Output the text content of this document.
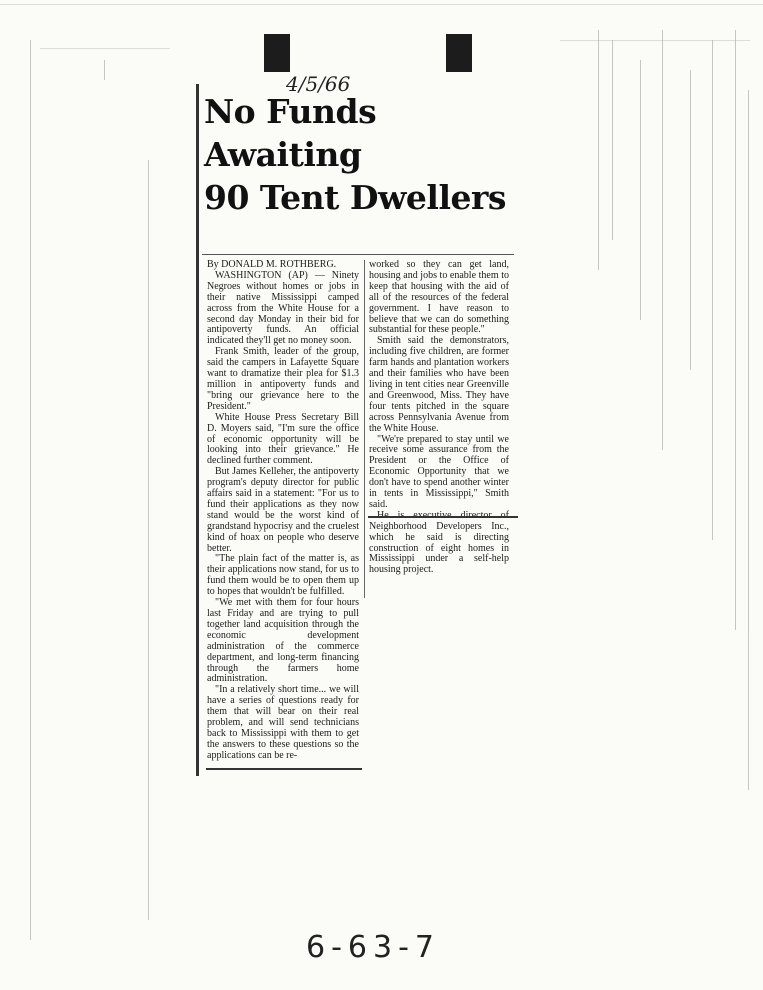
4/5/66
No Funds Awaiting
90 Tent Dwellers

By DONALD M. ROTHBERG.

WASHINGTON (AP) — Ninety Negroes without homes or jobs in their native Mississippi camped across from the White House for a second day Monday in their bid for antipoverty funds. An official indicated they'll get no money soon.

Frank Smith, leader of the group, said the campers in Lafayette Square want to dramatize their plea for $1.3 million in antipoverty funds and "bring our grievance here to the President."

White House Press Secretary Bill D. Moyers said, "I'm sure the office of economic opportunity will be looking into their grievance." He declined further comment.

But James Kelleher, the antipoverty program's deputy director for public affairs said in a statement: "For us to fund their applications as they now stand would be the worst kind of grandstand hypocrisy and the cruelest kind of hoax on people who deserve better.

"The plain fact of the matter is, as their applications now stand, for us to fund them would be to open them up to hopes that wouldn't be fulfilled.

"We met with them for four hours last Friday and are trying to pull together land acquisition through the economic development administration of the commerce department, and long-term financing through the farmers home administration.

"In a relatively short time... we will have a series of questions ready for them that will bear on their real problem, and will send technicians back to Mississippi with them to get the answers to these questions so the applications can be re-

worked so they can get land, housing and jobs to enable them to keep that housing with the aid of all of the resources of the federal government. I have reason to believe that we can do something substantial for these people."

Smith said the demonstrators, including five children, are former farm hands and plantation workers and their families who have been living in tent cities near Greenville and Greenwood, Miss. They have four tents pitched in the square across Pennsylvania Avenue from the White House.

"We're prepared to stay until we receive some assurance from the President or the Office of Economic Opportunity that we don't have to spend another winter in tents in Mississippi," Smith said.

Neighborhood Developers Inc., which he said is directing construction of eight homes in Mississippi under a self-help housing project.

6-63-7
